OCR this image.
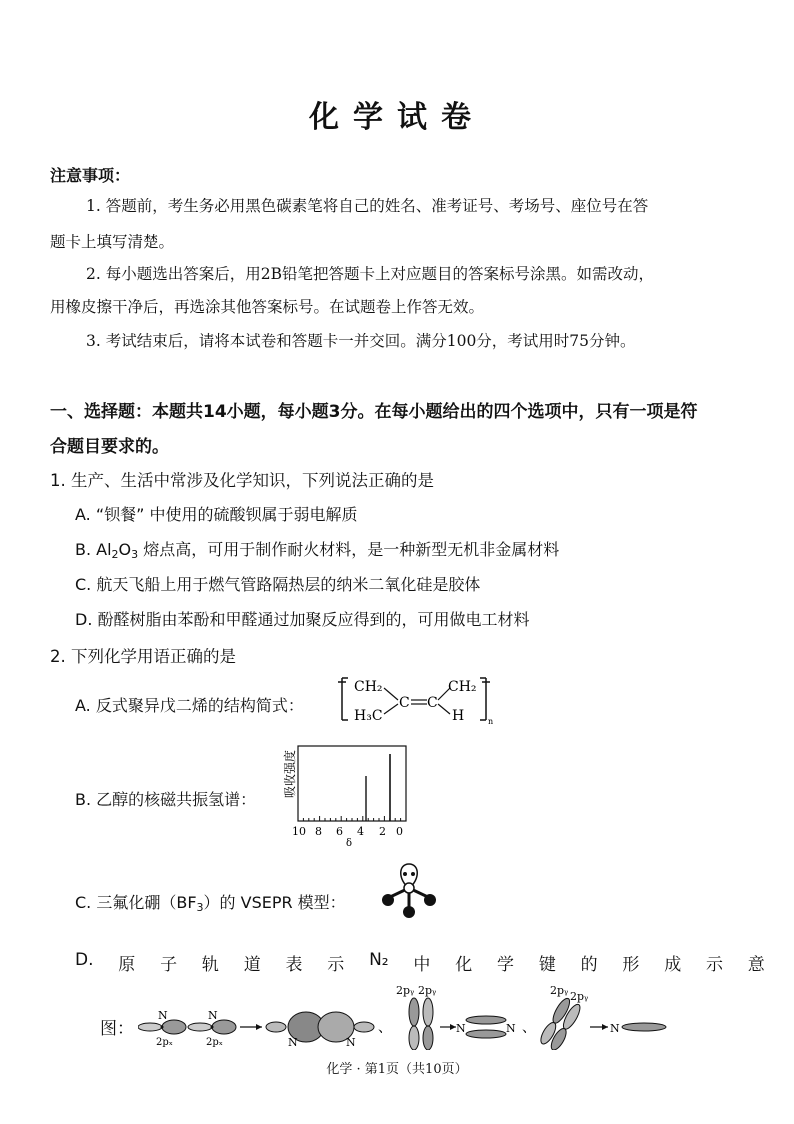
化学试卷
注意事项：
1. 答题前，考生务必用黑色碳素笔将自己的姓名、准考证号、考场号、座位号在答
题卡上填写清楚。
2. 每小题选出答案后，用2B铅笔把答题卡上对应题目的答案标号涂黑。如需改动，
用橡皮擦干净后，再选涂其他答案标号。在试题卷上作答无效。
3. 考试结束后，请将本试卷和答题卡一并交回。满分100分，考试用时75分钟。
一、选择题：本题共14小题，每小题3分。在每小题给出的四个选项中，只有一项是符
合题目要求的。
1. 生产、生活中常涉及化学知识，下列说法正确的是
A. “钡餐” 中使用的硫酸钡属于弱电解质
B. $Al_2O_3$ 熔点高，可用于制作耐火材料，是一种新型无机非金属材料
C. 航天飞船上用于燃气管路隔热层的纳米二氧化硅是胶体
D. 酚醛树脂由苯酚和甲醛通过加聚反应得到的，可用做电工材料
2. 下列化学用语正确的是
A. 反式聚异戊二烯的结构简式：
CH₂
H₃C
C C
CH₂
H	n
B. 乙醇的核磁共振氢谱：
吸收强度
10 8 6 4 2 0
δ
C. 三氟化硼$(BF_3)$的 VSEPR 模型：
D. 原 子 轨 道 表 示 N₂ 中 化 学 键 的 形 成 示 意
图：
N
2pₓ
N
2pₓ	N	N
、
2pᵧ 2pᵧ
N	N 、
2pᵧ 2pᵧ
N
化学 · 第1页（共10页）
